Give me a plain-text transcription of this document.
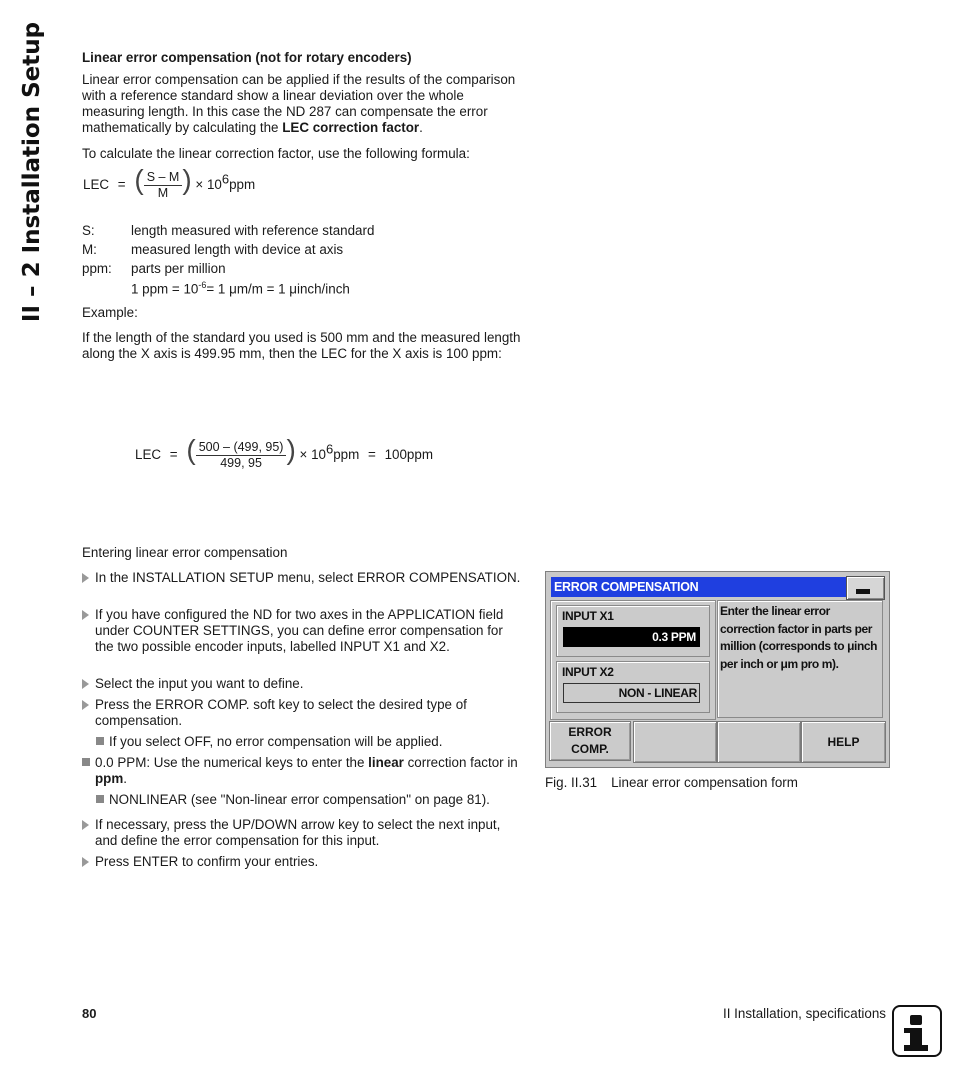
II – 2 Installation Setup	Linear error compensation (not for rotary encoders)
Linear error compensation can be applied if the results of the comparison with a reference standard show a linear deviation over the whole measuring length. In this case the ND 287 can compensate the error mathematically by calculating the LEC correction factor.
To calculate the linear correction factor, use the following formula:
LEC = ( $\frac{S - M}{M}$ ) × $10^6ppm$
S:	length measured with reference standard
M:	measured length with device at axis
ppm: parts per million
1 ppm = $10^{-6}= 1$ μm/m = 1 μinch/inch
Example:
If the length of the standard you used is 500 mm and the measured length along the X axis is 499.95 mm, then the LEC for the X axis is 100 ppm:
LEC = ( $\frac{500 - (499, 95)}{499, 95}$ ) × $10^6ppm = 100ppm$
Entering linear error compensation
In the INSTALLATION SETUP menu, select ERROR COMPENSATION.
If you have configured the ND for two axes in the APPLICATION field under COUNTER SETTINGS, you can define error compensation for the two possible encoder inputs, labelled INPUT X1 and X2.
Select the input you want to define.
Press the ERROR COMP. soft key to select the desired type of compensation.
If you select OFF, no error compensation will be applied.
0.0 PPM: Use the numerical keys to enter the linear correction factor in ppm.
NONLINEAR (see "Non-linear error compensation" on page 81).
If necessary, press the UP/DOWN arrow key to select the next input, and define the error compensation for this input.
Press ENTER to confirm your entries.
ERROR COMPENSATION
INPUT X1
0.3 PPM
INPUT X2
NON - LINEAR
Enter the linear error correction factor in parts per million (corresponds to μinch per inch or μm pro m).
ERROR
COMP.	HELP
Fig. II.31 Linear error compensation form
80	II Installation, specifications
